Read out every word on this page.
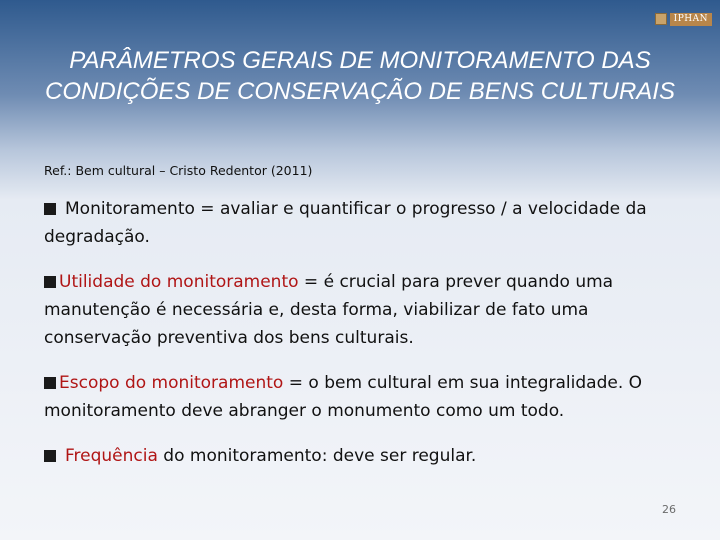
IPHAN
PARÂMETROS GERAIS DE MONITORAMENTO DAS CONDIÇÕES DE CONSERVAÇÃO DE BENS CULTURAIS
Ref.: Bem cultural – Cristo Redentor (2011)
Monitoramento = avaliar e quantificar o progresso / a velocidade da degradação.
Utilidade do monitoramento = é crucial para prever quando uma manutenção é necessária e, desta forma, viabilizar de fato uma conservação preventiva dos bens culturais.
Escopo do monitoramento = o bem cultural em sua integralidade. O monitoramento deve abranger o monumento como um todo.
Frequência do monitoramento: deve ser regular.
26
